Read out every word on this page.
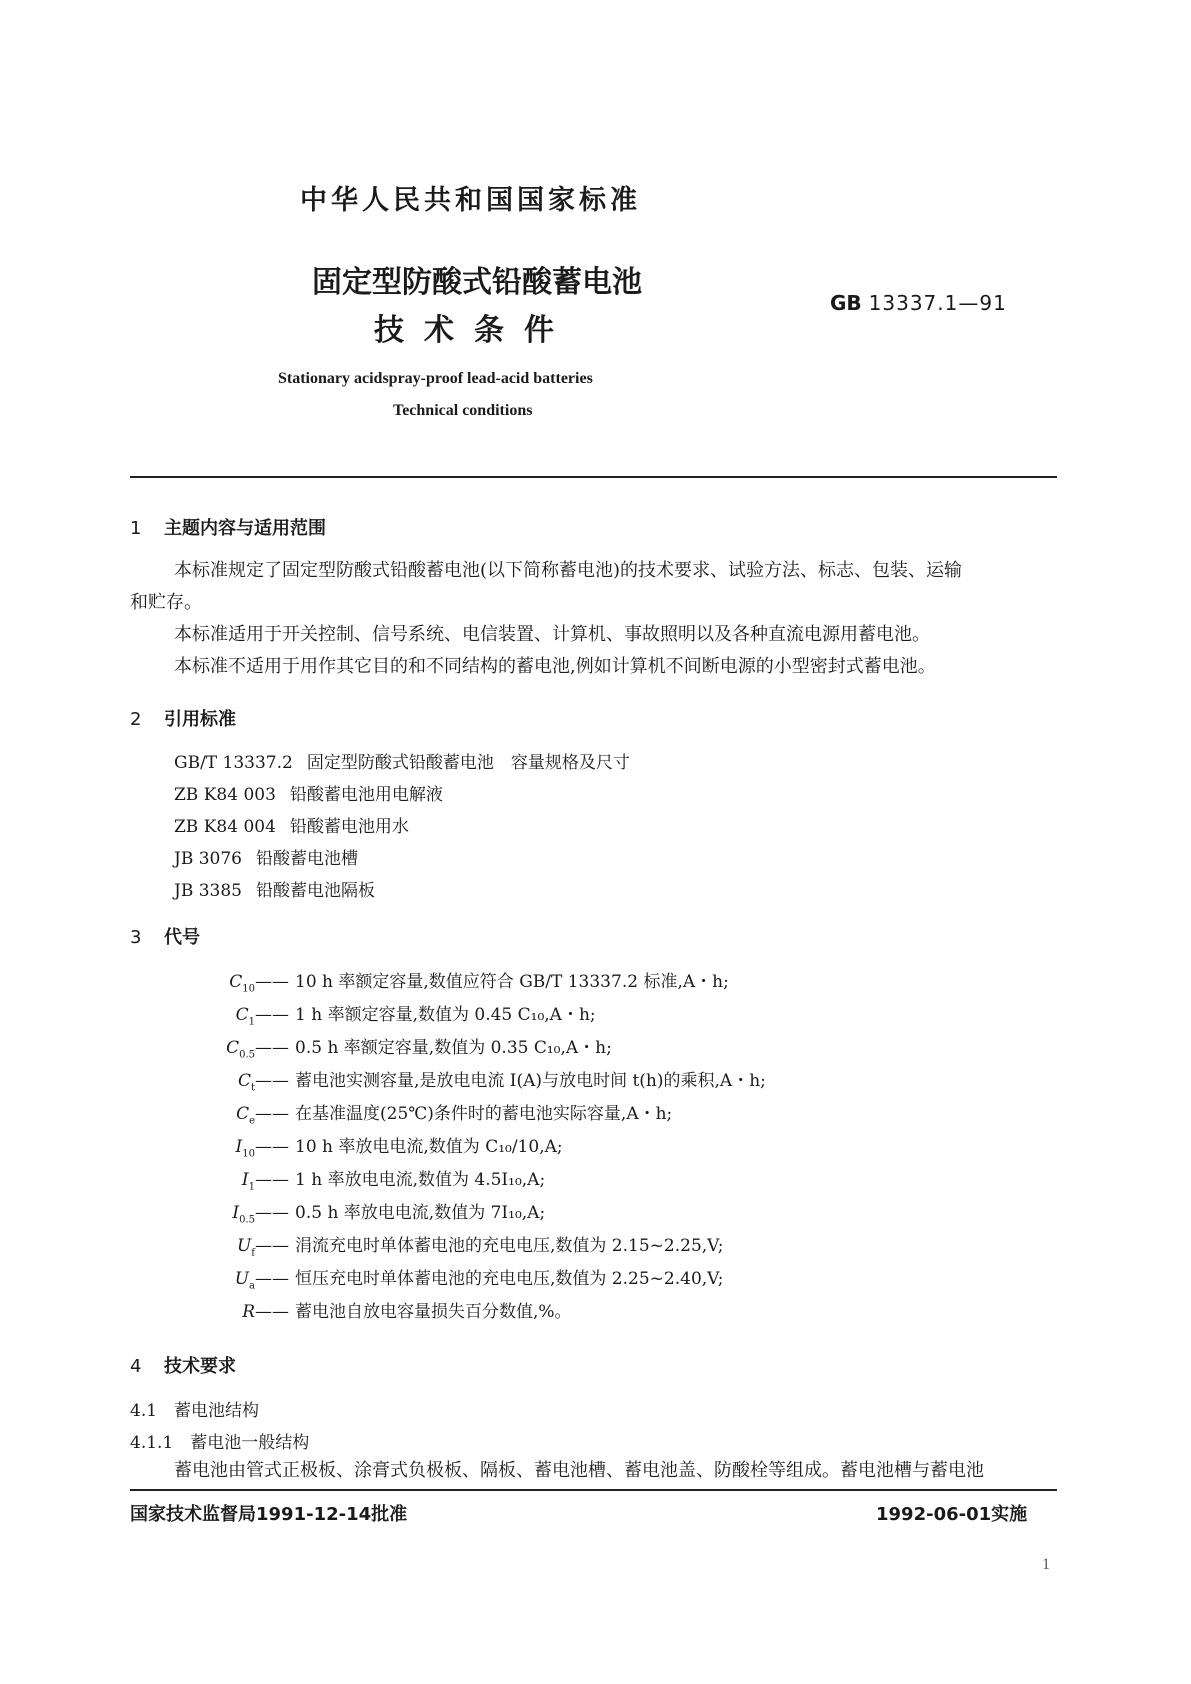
中华人民共和国国家标准
固定型防酸式铅酸蓄电池
技术条件
GB 13337.1—91
Stationary acidspray-proof lead-acid batteries
Technical conditions
1 主题内容与适用范围
本标准规定了固定型防酸式铅酸蓄电池(以下简称蓄电池)的技术要求、试验方法、标志、包装、运输
和贮存。
本标准适用于开关控制、信号系统、电信装置、计算机、事故照明以及各种直流电源用蓄电池。
本标准不适用于用作其它目的和不同结构的蓄电池,例如计算机不间断电源的小型密封式蓄电池。
2 引用标准
GB/T 13337.2 固定型防酸式铅酸蓄电池　容量规格及尺寸
ZB K84 003 铅酸蓄电池用电解液
ZB K84 004 铅酸蓄电池用水
JB 3076 铅酸蓄电池槽
JB 3385 铅酸蓄电池隔板
3 代号
$C_{10}——$ 10 h 率额定容量,数值应符合 GB/T 13337.2 标准,A・h;
$C_1——$ 1 h 率额定容量,数值为 0.45 C₁₀,A・h;
$C_{0.5}——$ 0.5 h 率额定容量,数值为 0.35 C₁₀,A・h;
$C_t——$ 蓄电池实测容量,是放电电流 I(A)与放电时间 t(h)的乘积,A・h;
$C_e——$ 在基准温度(25℃)条件时的蓄电池实际容量,A・h;
$I_{10}——$ 10 h 率放电电流,数值为 C₁₀/10,A;
$I_1——$ 1 h 率放电电流,数值为 4.5I₁₀,A;
$I_{0.5}——$ 0.5 h 率放电电流,数值为 7I₁₀,A;
$U_f——$ 涓流充电时单体蓄电池的充电电压,数值为 2.15~2.25,V;
$U_a——$ 恒压充电时单体蓄电池的充电电压,数值为 2.25~2.40,V;
R—— 蓄电池自放电容量损失百分数值,%。
4 技术要求
4.1　蓄电池结构
4.1.1　蓄电池一般结构
蓄电池由管式正极板、涂膏式负极板、隔板、蓄电池槽、蓄电池盖、防酸栓等组成。蓄电池槽与蓄电池
国家技术监督局1991-12-14批准	1992-06-01实施
1
